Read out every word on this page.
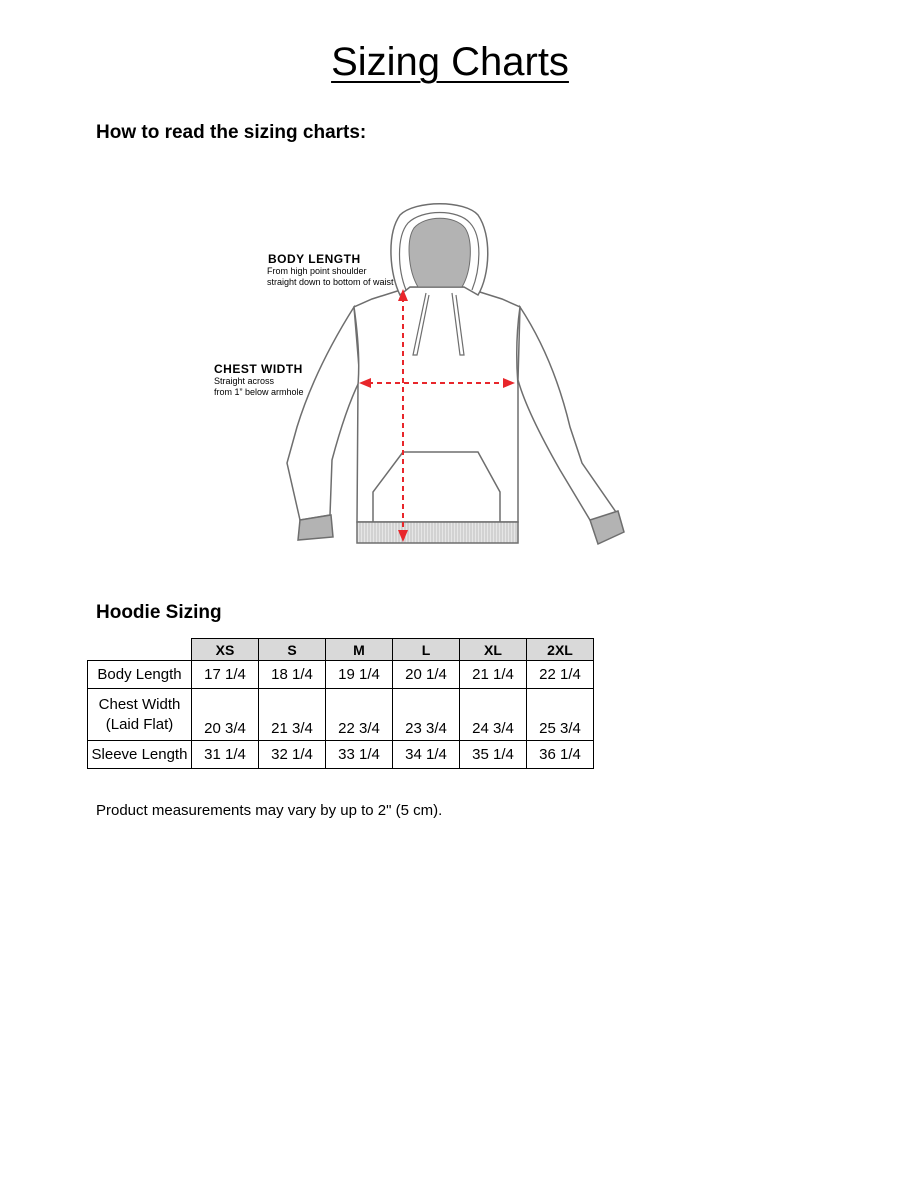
Sizing Charts
How to read the sizing charts:
BODY LENGTH
From high point shoulder
straight down to bottom of waist
CHEST WIDTH
Straight across
from 1” below armhole
Hoodie Sizing
	XS	S	M	L	XL	2XL
Body Length	17 1/4	18 1/4	19 1/4	20 1/4	21 1/4	22 1/4
Chest Width
(Laid Flat)	20 3/4	21 3/4	22 3/4	23 3/4	24 3/4	25 3/4
Sleeve Length	31 1/4	32 1/4	33 1/4	34 1/4	35 1/4	36 1/4

Product measurements may vary by up to 2" (5 cm).
